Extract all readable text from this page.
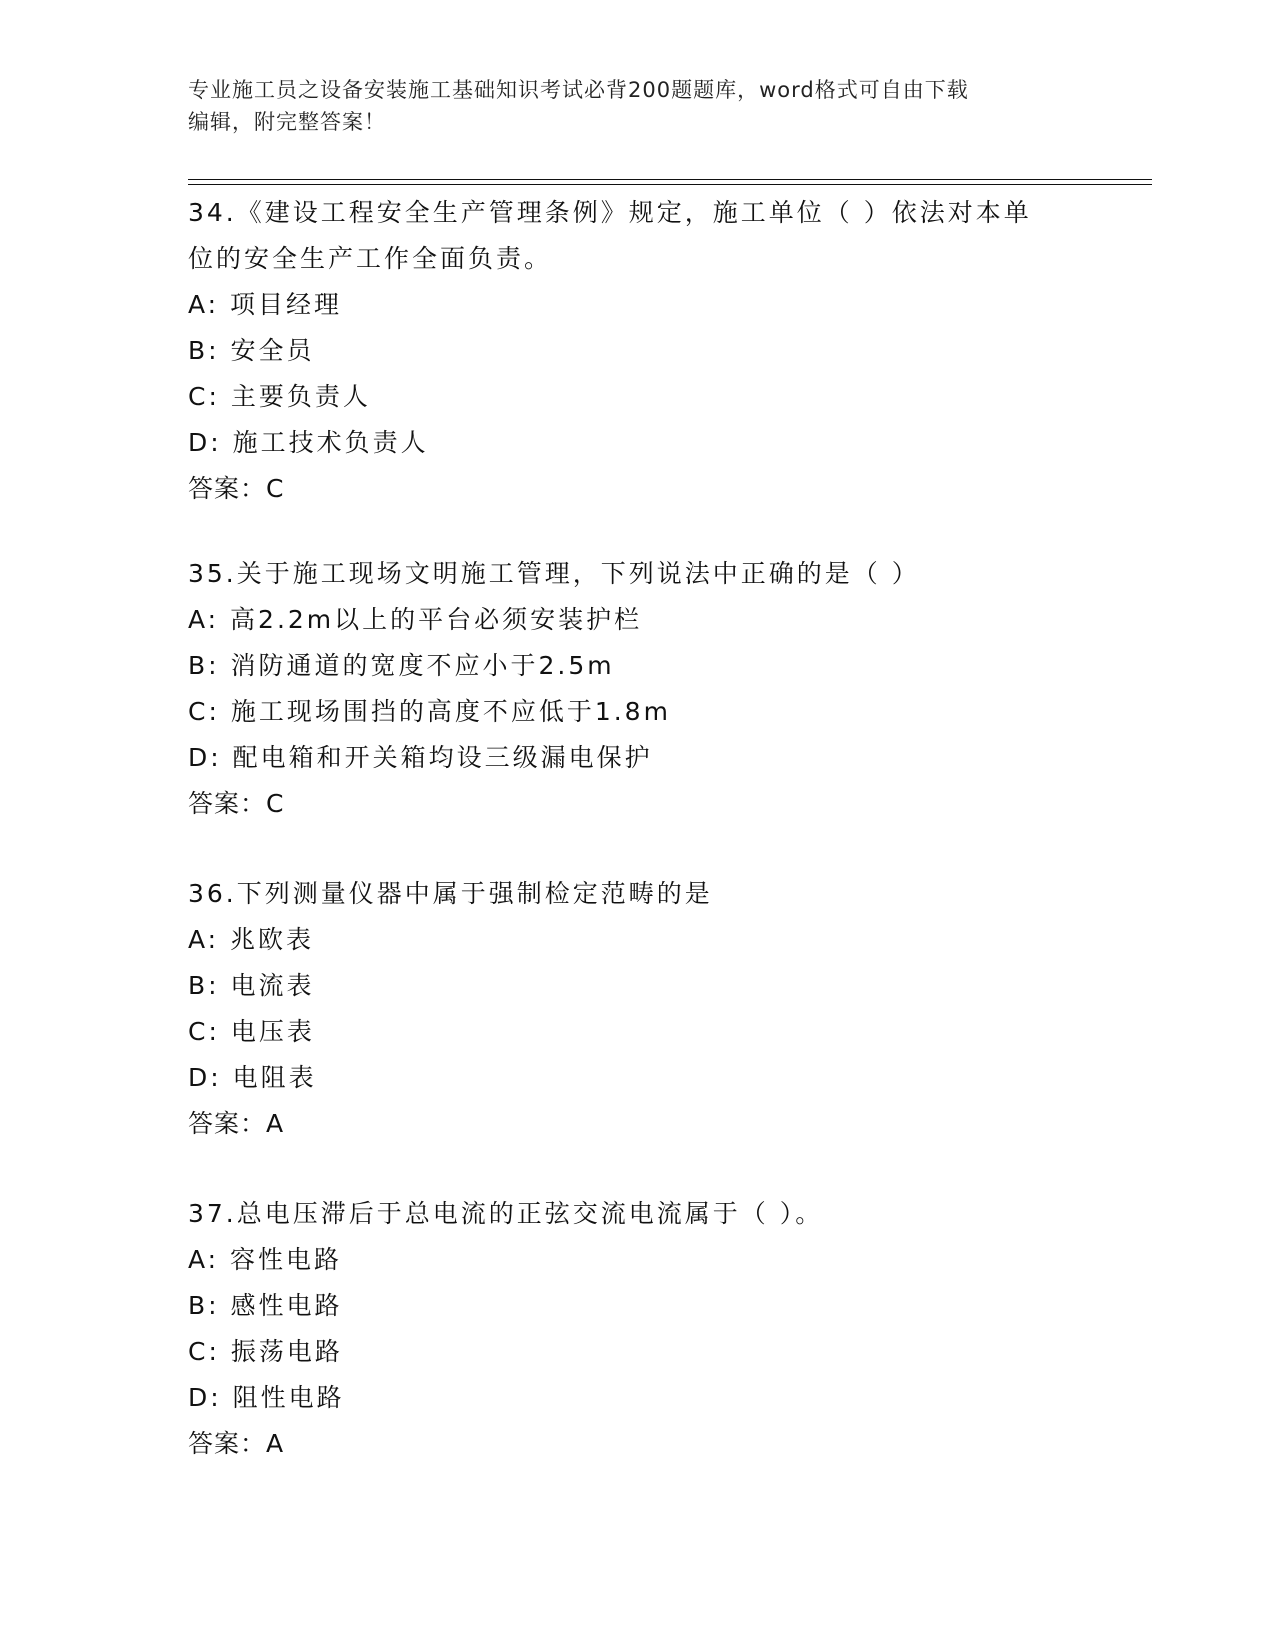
专业施工员之设备安装施工基础知识考试必背200题题库，word格式可自由下载
编辑，附完整答案！
34.《建设工程安全生产管理条例》规定，施工单位（ ）依法对本单
位的安全生产工作全面负责。
A: 项目经理
B: 安全员
C: 主要负责人
D: 施工技术负责人
答案：C
35.关于施工现场文明施工管理，下列说法中正确的是（ ）
A: 高2.2m以上的平台必须安装护栏
B: 消防通道的宽度不应小于2.5m
C: 施工现场围挡的高度不应低于1.8m
D: 配电箱和开关箱均设三级漏电保护
答案：C
36.下列测量仪器中属于强制检定范畴的是
A: 兆欧表
B: 电流表
C: 电压表
D: 电阻表
答案：A
37.总电压滞后于总电流的正弦交流电流属于（ ）。
A: 容性电路
B: 感性电路
C: 振荡电路
D: 阻性电路
答案：A
